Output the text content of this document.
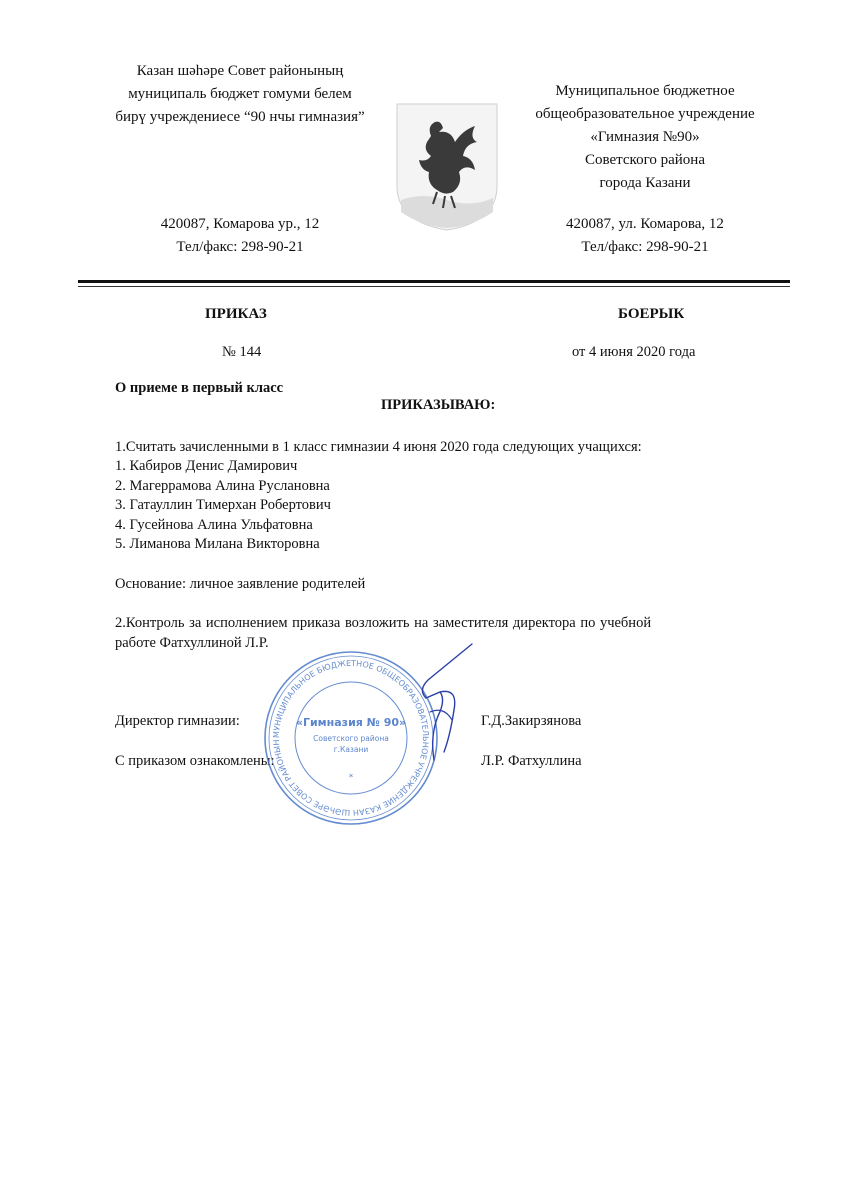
Казан шәһәре Совет районының
муниципаль бюджет гомуми белем
бирү учреждениесе “90 нчы гимназия”
420087, Комарова ур., 12
Тел/факс: 298-90-21
Муниципальное бюджетное
общеобразовательное учреждение
«Гимназия №90»
Советского района
города Казани
420087, ул. Комарова, 12
Тел/факс: 298-90-21
ПРИКАЗ	БОЕРЫК
№ 144	от 4 июня 2020 года
О приеме в первый класс
ПРИКАЗЫВАЮ:
1.Считать зачисленными в 1 класс гимназии 4 июня 2020 года следующих учащихся:
1. Кабиров Денис Дамирович
2. Магеррамова Алина Руслановна
3. Гатауллин Тимерхан Робертович
4. Гусейнова Алина Ульфатовна
5. Лиманова Милана Викторовна
Основание: личное заявление родителей
2.Контроль за исполнением приказа возложить на заместителя директора по учебной
работе Фатхуллиной Л.Р.
Директор гимназии:	Г.Д.Закирзянова
С приказом ознакомлены:	Л.Р. Фатхуллина
МУНИЦИПАЛЬНОЕ БЮДЖЕТНОЕ ОБЩЕОБРАЗОВАТЕЛЬНОЕ УЧРЕЖДЕНИЕ КАЗАН ШӘҺӘРЕ СОВЕТ РАЙОНЫН
«Гимназия № 90»
Советского района
г.Казани
*
